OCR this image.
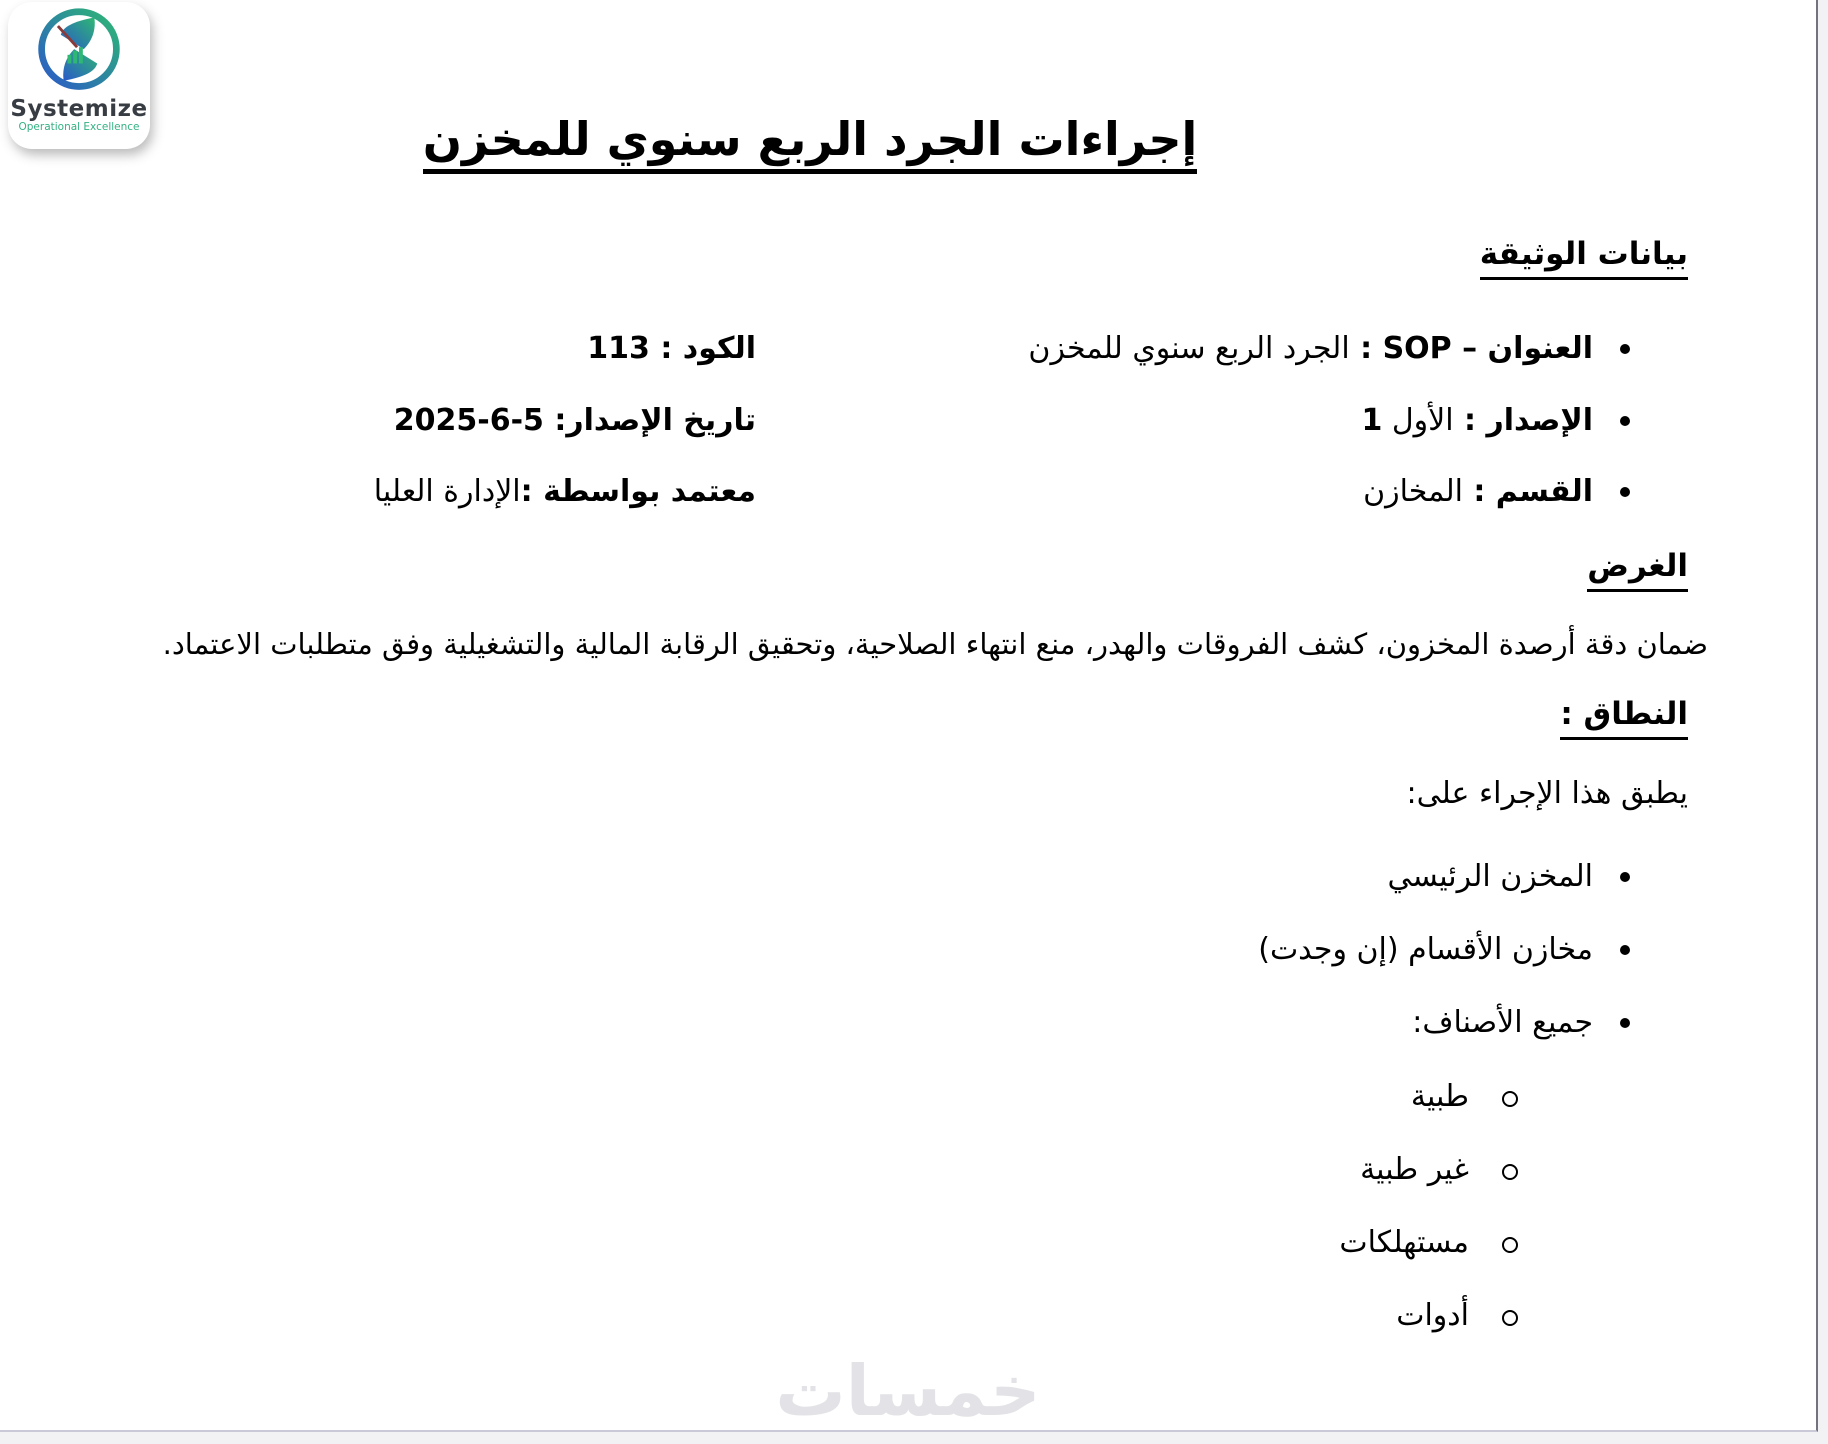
Systemize
Operational Excellence	إجراءات الجرد الربع سنوي للمخزن
بيانات الوثيقة
العنوان – SOP : الجرد الربع سنوي للمخزن
الإصدار : الأول 1
القسم : المخازن
الكود : 113
تاريخ الإصدار: 2025-6-5
معتمد بواسطة :الإدارة العليا
الغرض
ضمان دقة أرصدة المخزون، كشف الفروقات والهدر، منع انتهاء الصلاحية، وتحقيق الرقابة المالية والتشغيلية وفق متطلبات الاعتماد.
النطاق :
يطبق هذا الإجراء على:
المخزن الرئيسي
مخازن الأقسام (إن وجدت)
جميع الأصناف:
طبية
غير طبية
مستهلكات
أدوات
خمسات
